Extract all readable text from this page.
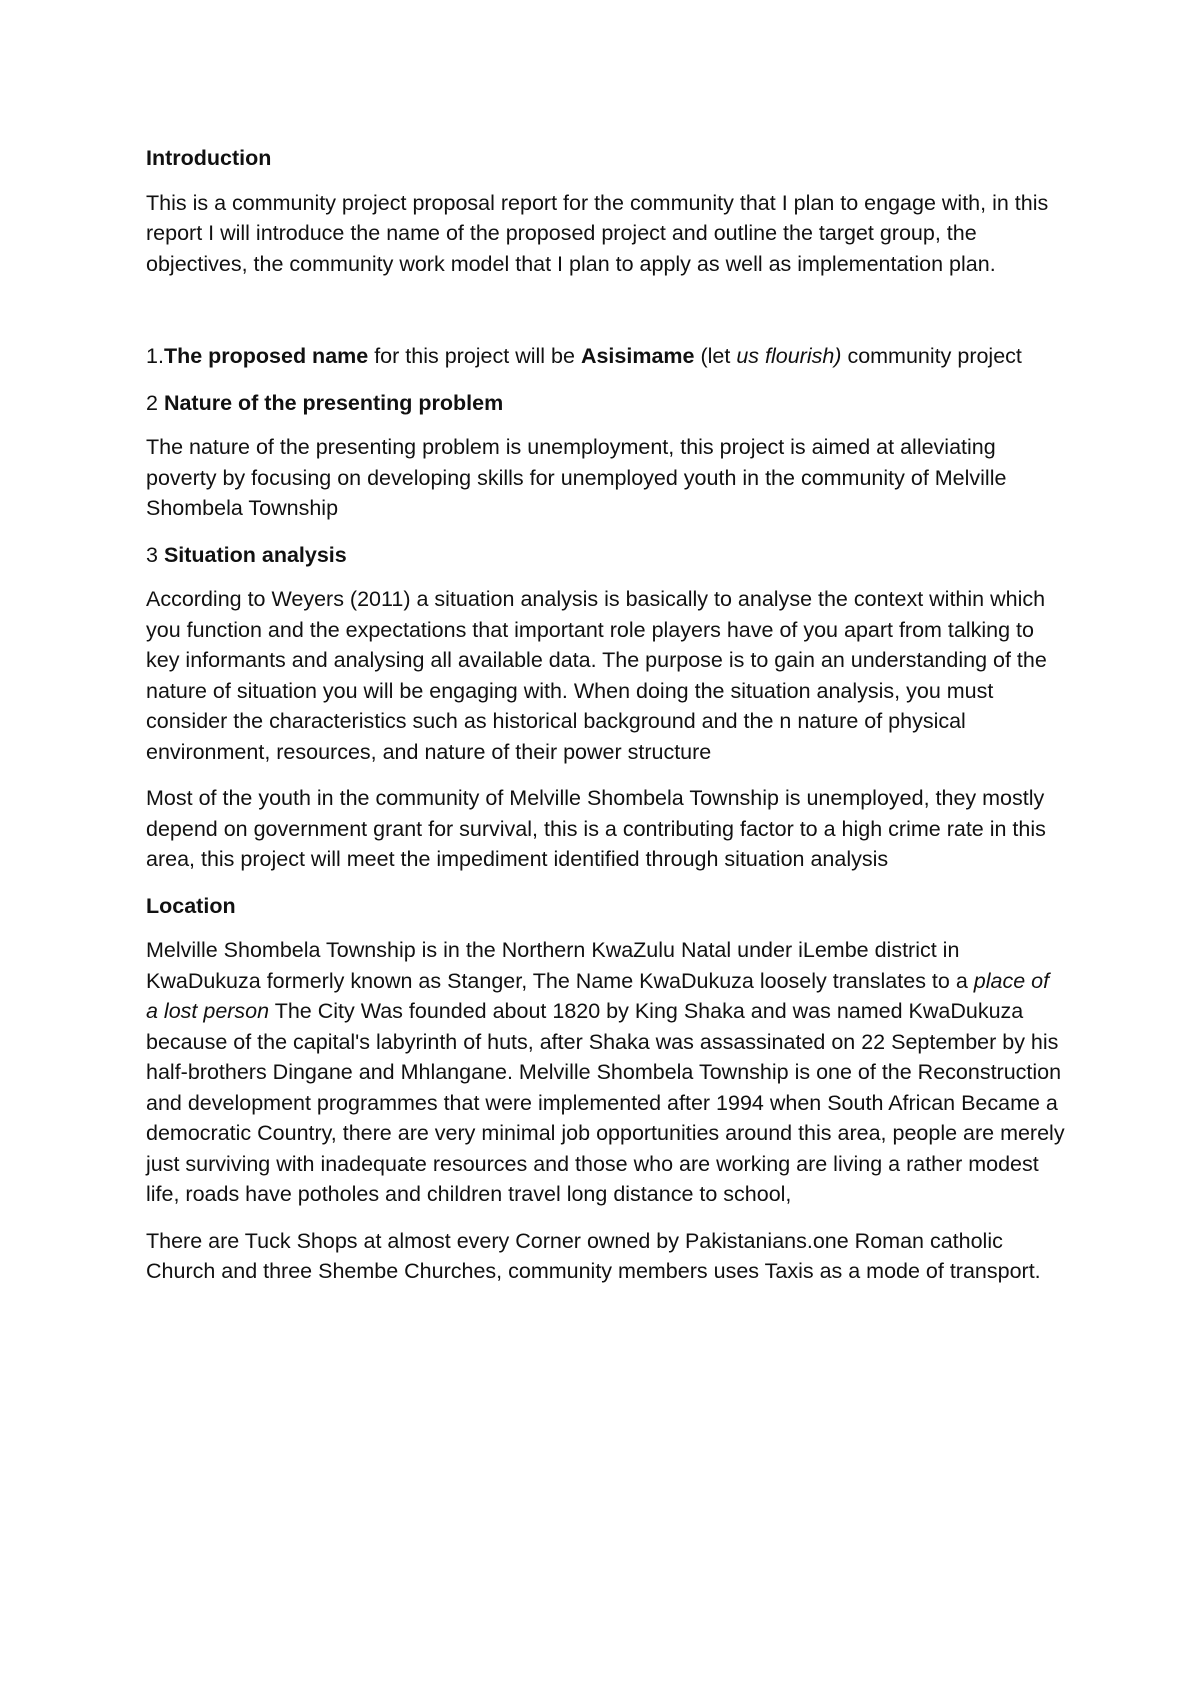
Introduction
This is a community project proposal report for the community that I plan to engage with, in this report I will introduce the name of the proposed project and outline the target group, the objectives, the community work model that I plan to apply as well as implementation plan.
1.The proposed name for this project will be Asisimame (let us flourish) community project
2 Nature of the presenting problem
The nature of the presenting problem is unemployment, this project is aimed at alleviating poverty by focusing on developing skills for unemployed youth in the community of Melville Shombela Township
3 Situation analysis
According to Weyers (2011) a situation analysis is basically to analyse the context within which you function and the expectations that important role players have of you apart from talking to key informants and analysing all available data. The purpose is to gain an understanding of the nature of situation you will be engaging with. When doing the situation analysis, you must consider the characteristics such as historical background and the n nature of physical environment, resources, and nature of their power structure
Most of the youth in the community of Melville Shombela Township is unemployed, they mostly depend on government grant for survival, this is a contributing factor to a high crime rate in this area, this project will meet the impediment identified through situation analysis
Location
Melville Shombela Township is in the Northern KwaZulu Natal under iLembe district in KwaDukuza formerly known as Stanger, The Name KwaDukuza loosely translates to a place of a lost person The City Was founded about 1820 by King Shaka and was named KwaDukuza because of the capital's labyrinth of huts, after Shaka was assassinated on 22 September by his half-brothers Dingane and Mhlangane. Melville Shombela Township is one of the Reconstruction and development programmes that were implemented after 1994 when South African Became a democratic Country, there are very minimal job opportunities around this area, people are merely just surviving with inadequate resources and those who are working are living a rather modest life, roads have potholes and children travel long distance to school,
There are Tuck Shops at almost every Corner owned by Pakistanians.one Roman catholic Church and three Shembe Churches, community members uses Taxis as a mode of transport.
